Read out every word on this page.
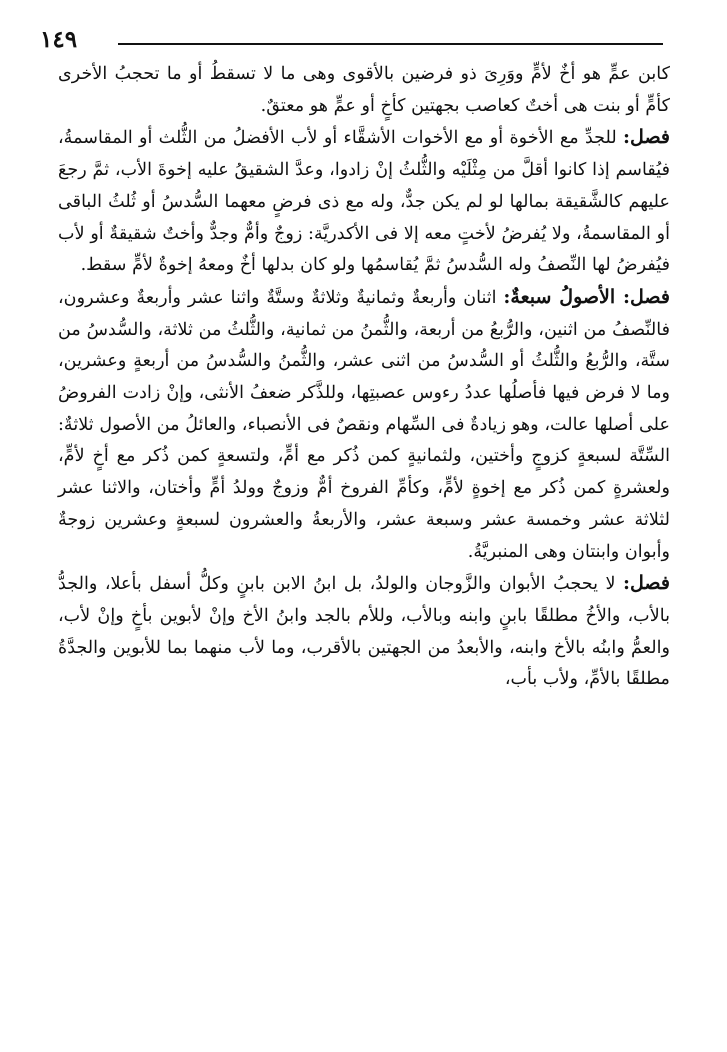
١٤٩

كابن عمٍّ هو أخٌ لأمٍّ ووَرِىَ ذو فرضين بالأقوى وهى ما لا تسقطُ أو ما تحجبُ الأخرى كأمٍّ أو بنت هى أختٌ كعاصب بجهتين كأخٍ أو عمٍّ هو معتقٌ.

فصل: للجدِّ مع الأخوة أو مع الأخوات الأشقَّاء أو لأب الأفضلُ من الثُّلث أو المقاسمةُ، فيُقاسم إذا كانوا أقلَّ من مِثْلَيْه والثُّلثُ إنْ زادوا، وعدَّ الشقيقُ عليه إخوةَ الأب، ثمَّ رجعَ عليهم كالشَّقيقة بمالها لو لم يكن جدٌّ، وله مع ذى فرضٍ معهما السُّدسُ أو ثُلثُ الباقى أو المقاسمةُ، ولا يُفرضُ لأختٍ معه إلا فى الأكدريَّة: زوجٌ وأمٌّ وجدٌّ وأختٌ شقيقةٌ أو لأب فيُفرضُ لها النِّصفُ وله السُّدسُ ثمَّ يُقاسمُها ولو كان بدلها أخٌ ومعهُ إخوةٌ لأمٍّ سقط.

فصل: الأصولُ سبعةٌ: اثنان وأربعةٌ وثمانيةٌ وثلاثةٌ وستَّةٌ واثنا عشر وأربعةٌ وعشرون، فالنِّصفُ من اثنين، والرُّبعُ من أربعة، والثُّمنُ من ثمانية، والثُّلثُ من ثلاثة، والسُّدسُ من ستَّة، والرُّبعُ والثُّلثُ أو السُّدسُ من اثنى عشر، والثُّمنُ والسُّدسُ من أربعةٍ وعشرين، وما لا فرض فيها فأصلُها عددُ رءوس عصبتِها، وللذَّكر ضعفُ الأنثى، وإنْ زادت الفروضُ على أصلها عالت، وهو زيادةٌ فى السِّهام ونقصٌ فى الأنصباء، والعائلُ من الأصول ثلاثةٌ: السِّتَّة لسبعةٍ كزوجٍ وأختين، ولثمانيةٍ كمن ذُكر مع أمٍّ، ولتسعةٍ كمن ذُكر مع أخٍ لأمٍّ، ولعشرةٍ كمن ذُكر مع إخوةٍ لأمٍّ، وكأمِّ الفروخ أمٌّ وزوجٌ وولدُ أمٍّ وأختان، والاثنا عشر لثلاثة عشر وخمسة عشر وسبعة عشر، والأربعةُ والعشرون لسبعةٍ وعشرين زوجةٌ وأبوان وابنتان وهى المنبريَّةُ.

فصل: لا يحجبُ الأبوان والزَّوجان والولدُ، بل ابنُ الابن بابنٍ وكلُّ أسفل بأعلا، والجدُّ بالأب، والأخُ مطلقًا بابنٍ وابنه وبالأب، وللأم بالجد وابنُ الأخ وإنْ لأبوين بأخٍ وإنْ لأب، والعمُّ وابنُه بالأخ وابنه، والأبعدُ من الجهتين بالأقرب، وما لأب منهما بما للأبوين والجدَّةُ مطلقًا بالأمِّ، ولأب بأب،
